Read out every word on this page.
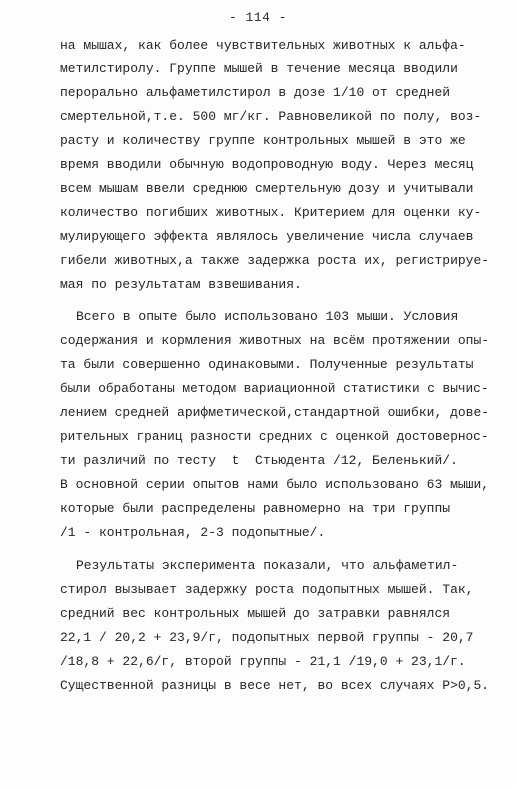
- 114 -
на мышах, как более чувствительных животных к альфа-
метилстиролу. Группе мышей в течение месяца вводили
перорально альфаметилстирол в дозе 1/10 от средней
смертельной,т.е. 500 мг/кг. Равновеликой по полу, воз-
расту и количеству группе контрольных мышей в это же
время вводили обычную водопроводную воду. Через месяц
всем мышам ввели среднюю смертельную дозу и учитывали
количество погибших животных. Критерием для оценки ку-
мулирующего эффекта являлось увеличение числа случаев
гибели животных,а также задержка роста их, регистрируе-
мая по результатам взвешивания.
Всего в опыте было использовано 103 мыши. Условия
содержания и кормления животных на всём протяжении опы-
та были совершенно одинаковыми. Полученные результаты
были обработаны методом вариационной статистики с вычис-
лением средней арифметической,стандартной ошибки, дове-
рительных границ разности средних с оценкой достовернос-
ти различий по тесту  t  Стьюдента /12, Беленький/.
В основной серии опытов нами было использовано 63 мыши,
которые были распределены равномерно на три группы
/1 - контрольная, 2-3 подопытные/.
Результаты эксперимента показали, что альфаметил-
стирол вызывает задержку роста подопытных мышей. Так,
средний вес контрольных мышей до затравки равнялся
22,1 / 20,2 + 23,9/г, подопытных первой группы - 20,7
/18,8 + 22,6/г, второй группы - 21,1 /19,0 + 23,1/г.
Существенной разницы в весе нет, во всех случаях P>0,5.
